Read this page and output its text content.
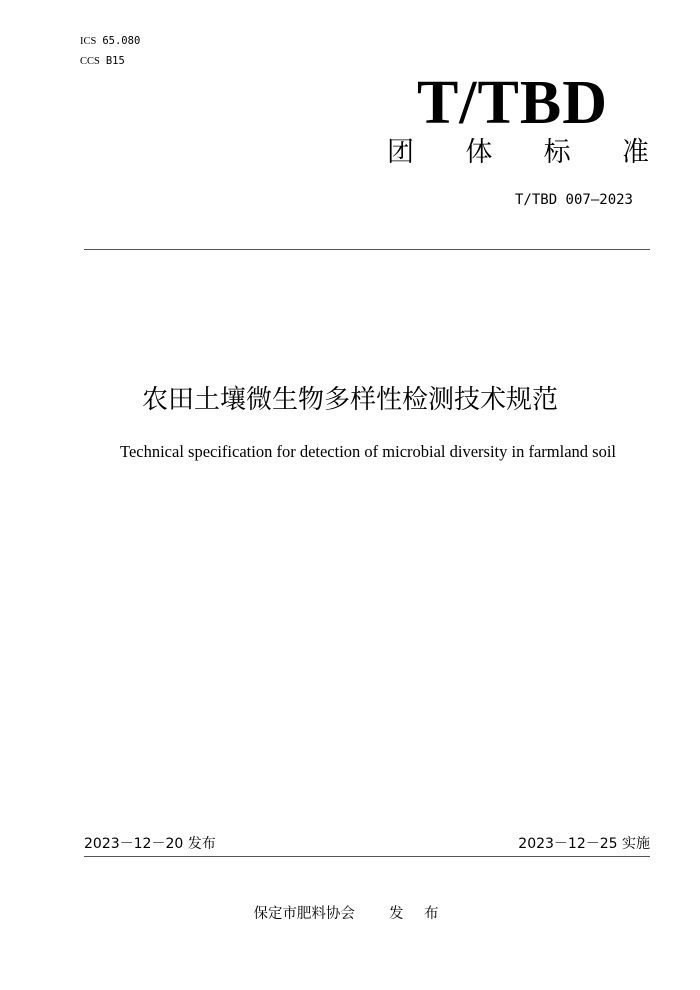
ICS 65.080
CCS B15
T/TBD
团 体 标 准
T/TBD 007—2023
农田土壤微生物多样性检测技术规范
Technical specification for detection of microbial diversity in farmland soil
2023－12－20 发布	2023－12－25 实施
保定市肥料协会 发 布
